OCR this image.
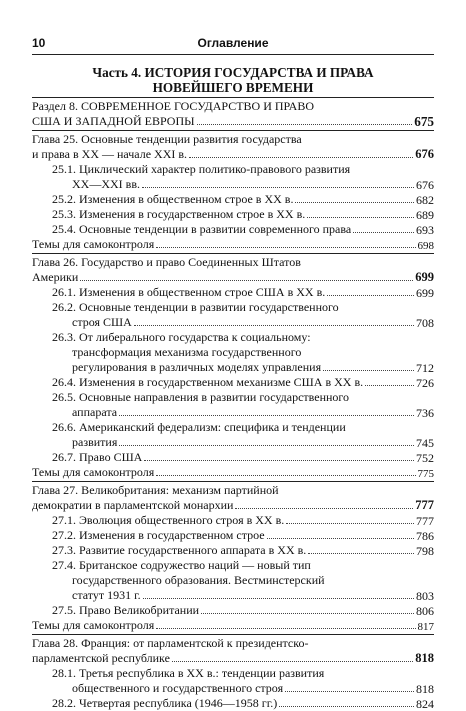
10	Оглавление
Часть 4. ИСТОРИЯ ГОСУДАРСТВА И ПРАВА
НОВЕЙШЕГО ВРЕМЕНИ
Раздел 8. СОВРЕМЕННОЕ ГОСУДАРСТВО И ПРАВО
США И ЗАПАДНОЙ ЕВРОПЫ	675
Глава 25. Основные тенденции развития государства
и права в XX — начале XXI в.	676
25.1. Циклический характер политико-правового развития
XX—XXI вв.	676
25.2. Изменения в общественном строе в XX в.	682
25.3. Изменения в государственном строе в XX в.	689
25.4. Основные тенденции в развитии современного права	693
Темы для самоконтроля	698
Глава 26. Государство и право Соединенных Штатов
Америки	699
26.1. Изменения в общественном строе США в XX в.	699
26.2. Основные тенденции в развитии государственного
строя США	708
26.3. От либерального государства к социальному:
трансформация механизма государственного
регулирования в различных моделях управления	712
26.4. Изменения в государственном механизме США в XX в.	726
26.5. Основные направления в развитии государственного
аппарата	736
26.6. Американский федерализм: специфика и тенденции
развития	745
26.7. Право США	752
Темы для самоконтроля	775
Глава 27. Великобритания: механизм партийной
демократии в парламентской монархии	777
27.1. Эволюция общественного строя в XX в.	777
27.2. Изменения в государственном строе	786
27.3. Развитие государственного аппарата в XX в.	798
27.4. Британское содружество наций — новый тип
государственного образования. Вестминстерский
статут 1931 г.	803
27.5. Право Великобритании	806
Темы для самоконтроля	817
Глава 28. Франция: от парламентской к президентско-
парламентской республике	818
28.1. Третья республика в XX в.: тенденции развития
общественного и государственного строя	818
28.2. Четвертая республика (1946—1958 гг.)	824
